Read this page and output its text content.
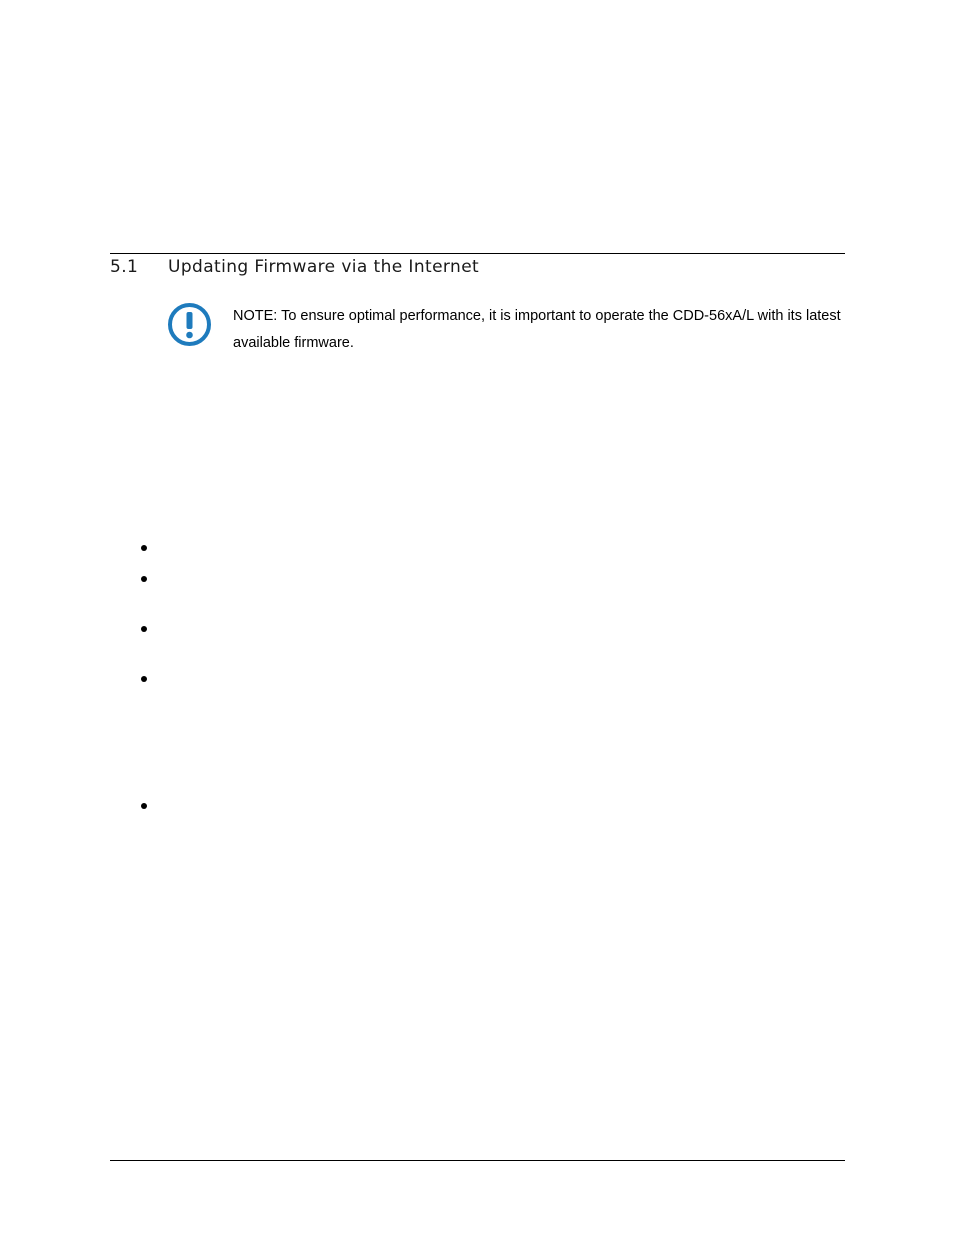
5.1 Updating Firmware via the Internet
NOTE: To ensure optimal performance, it is important to operate the CDD-56xA/L with its latest available firmware.
